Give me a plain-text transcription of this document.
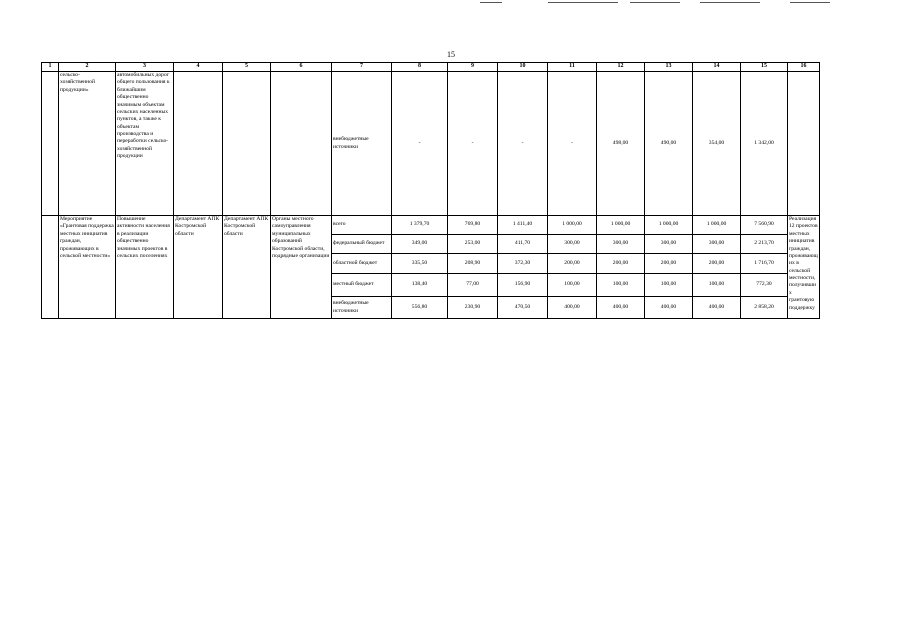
15
1	2	3	4	5	6	7	8	9	10	11	12	13	14	15	16
	сельско-хозяйственной продукции»	автомобильных дорог общего пользования к ближайшим общественно значимым объектам сельских населенных пунктов, а также к объектам производства и переработки сельско-хозяйственной продукции				внебюджетные источники	-	-	-	-	498,00	490,00	354,00	1 342,00	
	Мероприятие «Грантовая поддержка местных инициатив граждан, проживающих в сельской местности»	Повышение активности населения в реализации общественно значимых проектов в сельских поселениях	Департамент АПК Костромской области	Департамент АПК Костромской области	Органы местного самоуправления муниципальных образований Костромской области, подрядные организации	всего	1 379,70	769,80	1 411,40	1 000,00	1 000,00	1 000,00	1 000,00	7 560,90	Реализация 12 проектов местных инициатив граждан, проживающих в сельской местности, получивших грантовую поддержку
						федеральный бюджет	349,00	253,00	411,70	300,00	300,00	300,00	300,00	2 213,70	
						областной бюджет	335,50	208,90	372,30	200,00	200,00	200,00	200,00	1 716,70	
						местный бюджет	138,40	77,00	156,90	100,00	100,00	100,00	100,00	772,30	
						внебюджетные источники	556,80	230,90	470,50	400,00	400,00	400,00	400,00	2 858,20	
